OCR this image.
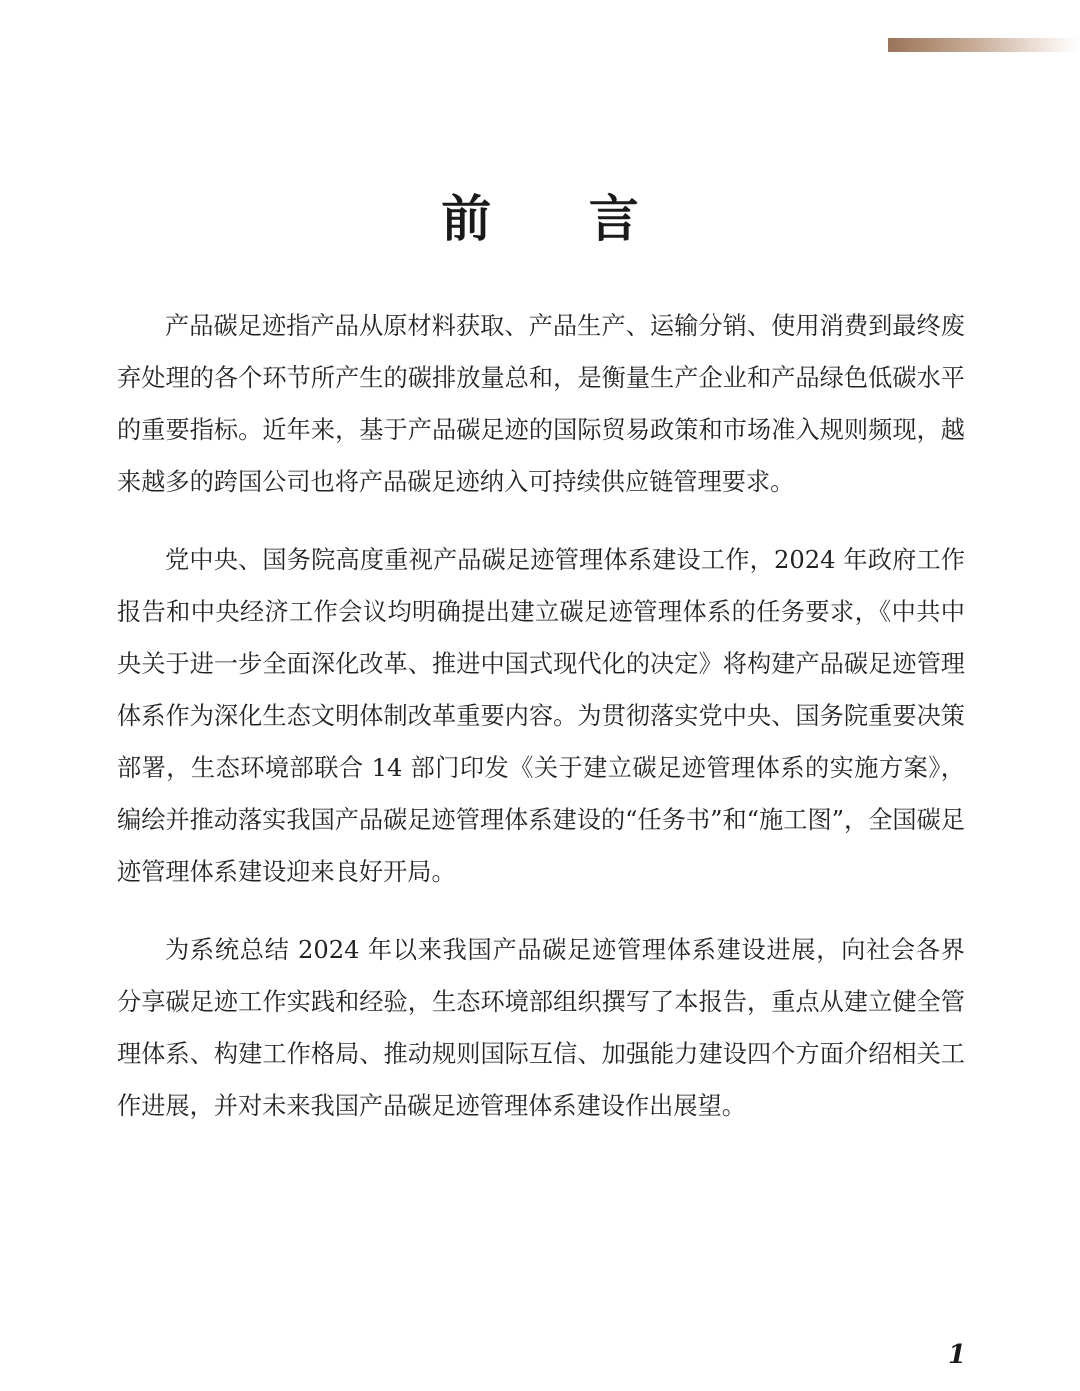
前 言

产品碳足迹指产品从原材料获取、产品生产、运输分销、使用消费到最终废弃处理的各个环节所产生的碳排放量总和，是衡量生产企业和产品绿色低碳水平的重要指标。近年来，基于产品碳足迹的国际贸易政策和市场准入规则频现，越来越多的跨国公司也将产品碳足迹纳入可持续供应链管理要求。

党中央、国务院高度重视产品碳足迹管理体系建设工作，2024 年政府工作报告和中央经济工作会议均明确提出建立碳足迹管理体系的任务要求，《中共中央关于进一步全面深化改革、推进中国式现代化的决定》将构建产品碳足迹管理体系作为深化生态文明体制改革重要内容。为贯彻落实党中央、国务院重要决策部署，生态环境部联合 14 部门印发《关于建立碳足迹管理体系的实施方案》，编绘并推动落实我国产品碳足迹管理体系建设的“任务书”和“施工图”，全国碳足迹管理体系建设迎来良好开局。

为系统总结 2024 年以来我国产品碳足迹管理体系建设进展，向社会各界分享碳足迹工作实践和经验，生态环境部组织撰写了本报告，重点从建立健全管理体系、构建工作格局、推动规则国际互信、加强能力建设四个方面介绍相关工作进展，并对未来我国产品碳足迹管理体系建设作出展望。

1
